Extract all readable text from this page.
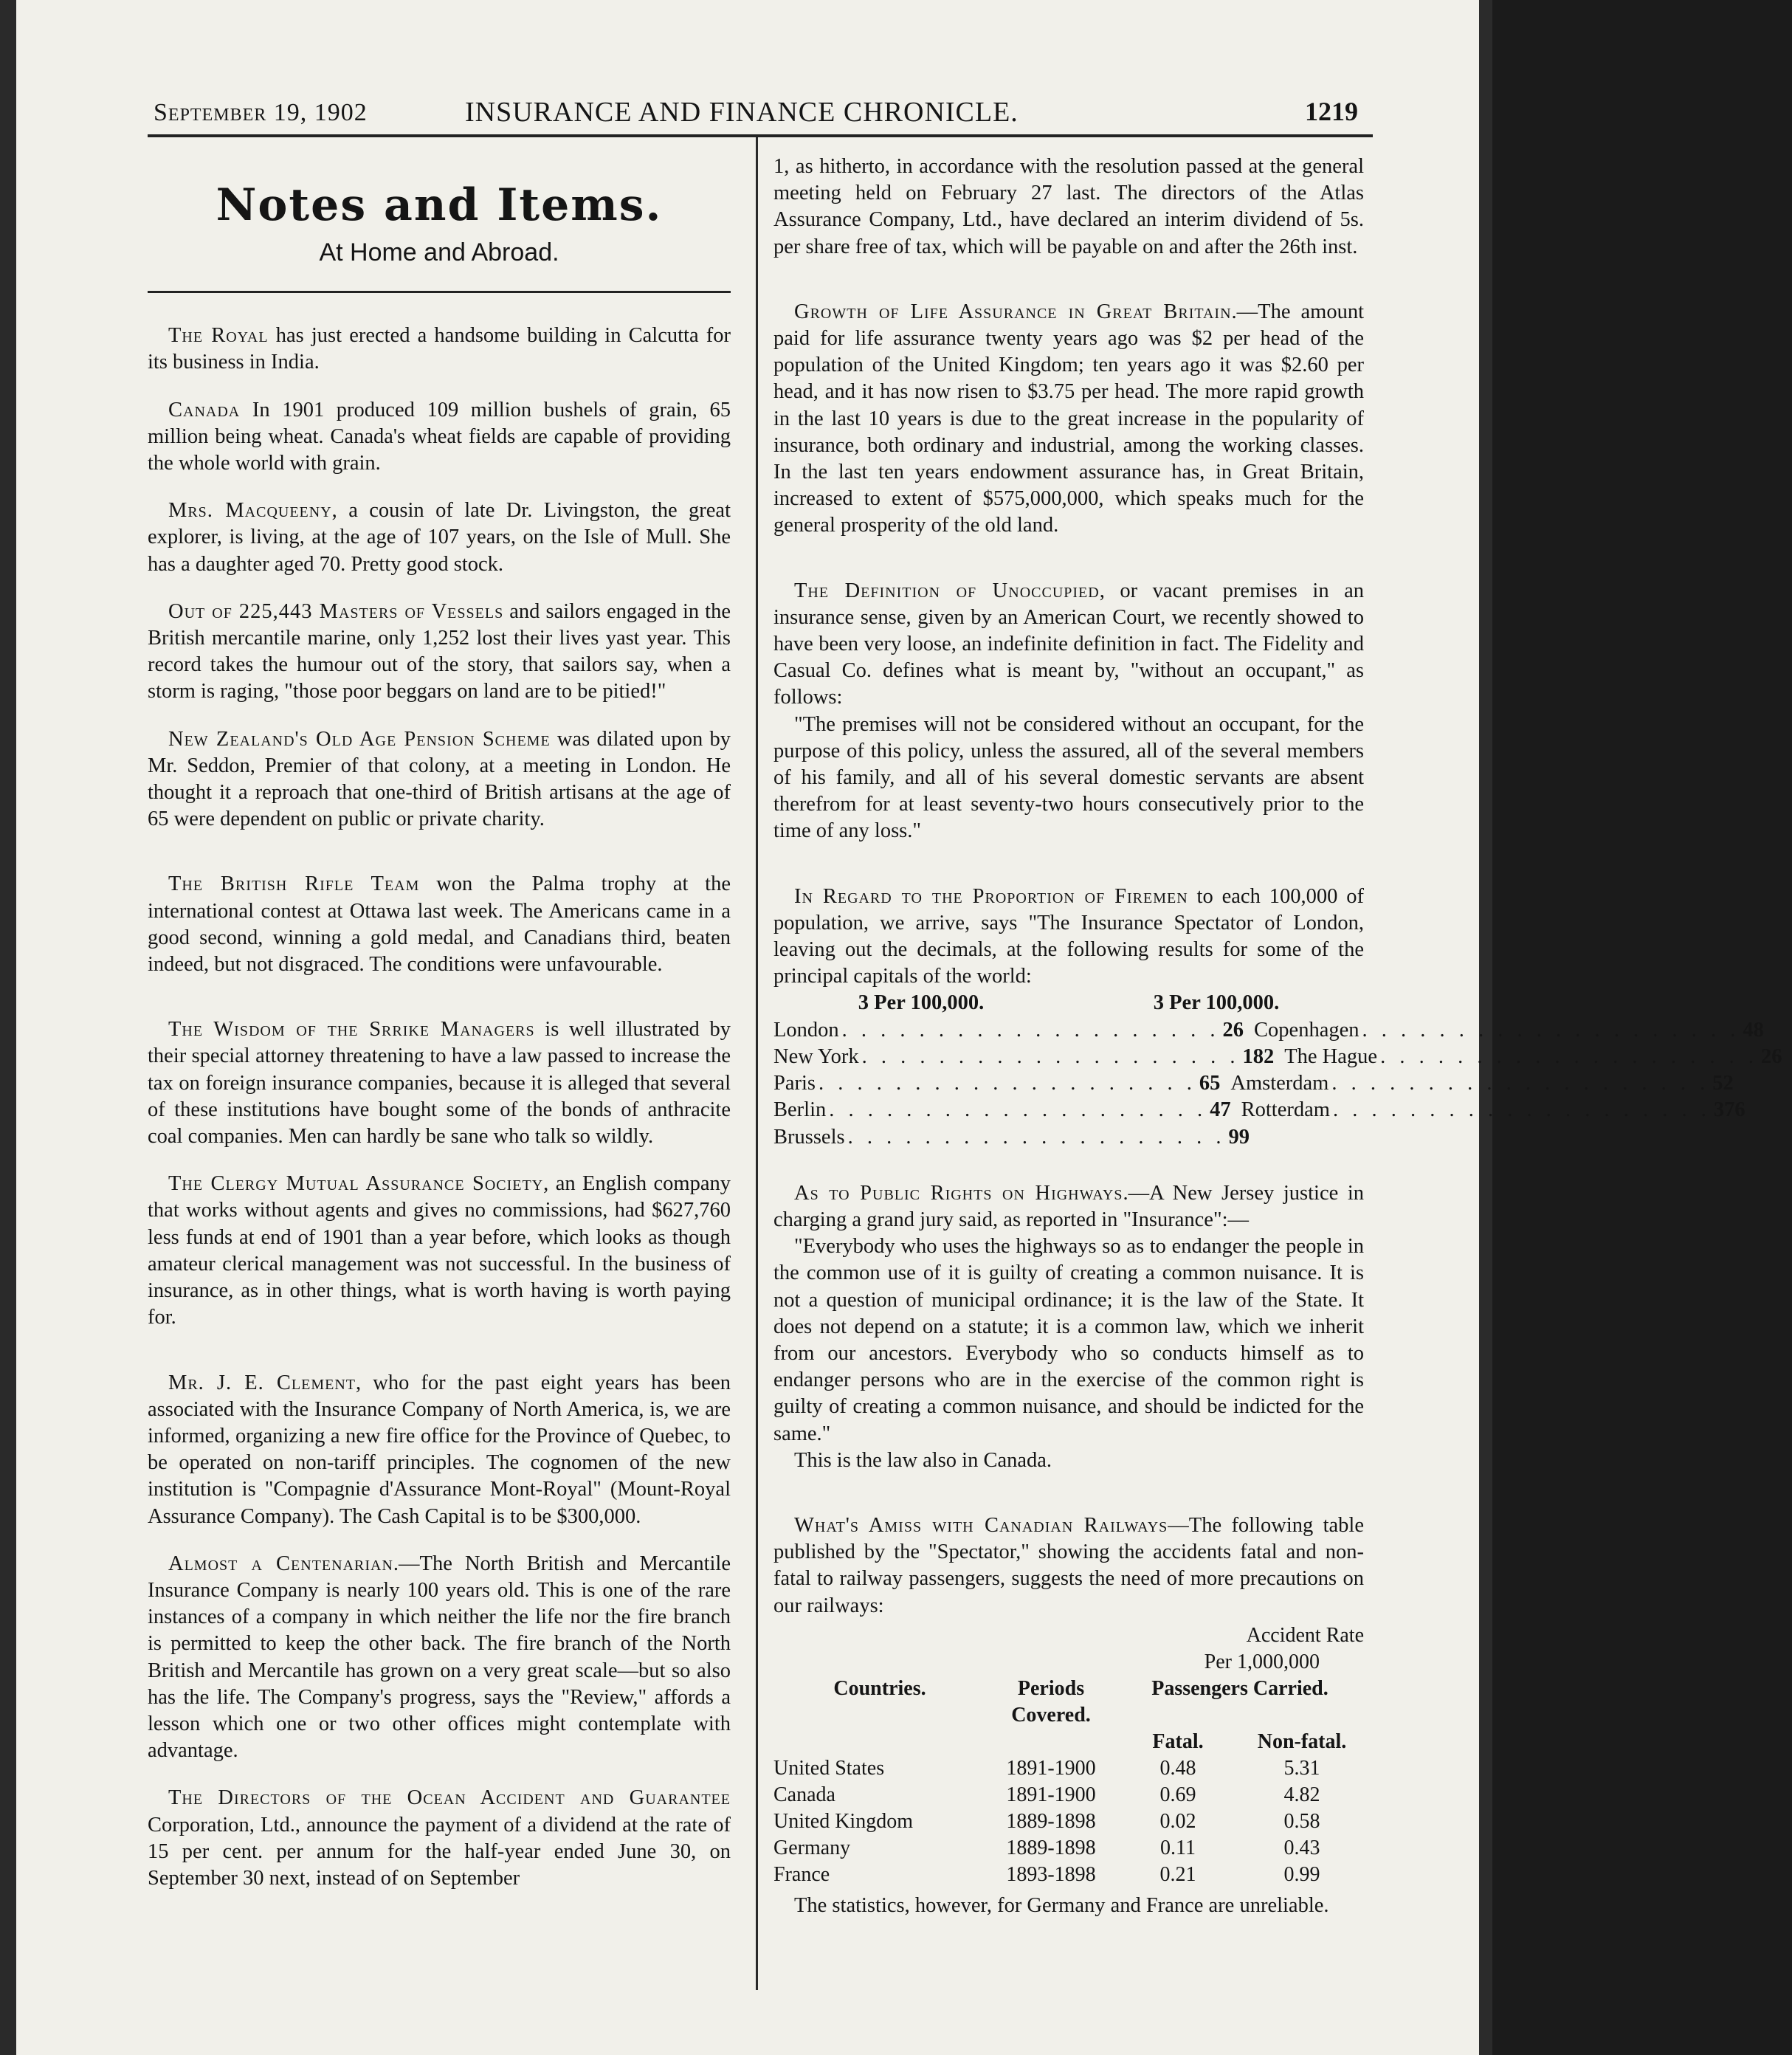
September 19, 1902	INSURANCE AND FINANCE CHRONICLE.	1219
Notes and Items.
At Home and Abroad.

The Royal has just erected a handsome building in Calcutta for its business in India.

Canada In 1901 produced 109 million bushels of grain, 65 million being wheat. Canada's wheat fields are capable of providing the whole world with grain.

Mrs. Macqueeny, a cousin of late Dr. Livingston, the great explorer, is living, at the age of 107 years, on the Isle of Mull. She has a daughter aged 70. Pretty good stock.

Out of 225,443 Masters of Vessels and sailors engaged in the British mercantile marine, only 1,252 lost their lives yast year. This record takes the humour out of the story, that sailors say, when a storm is raging, "those poor beggars on land are to be pitied!"

New Zealand's Old Age Pension Scheme was dilated upon by Mr. Seddon, Premier of that colony, at a meeting in London. He thought it a reproach that one-third of British artisans at the age of 65 were dependent on public or private charity.

The British Rifle Team won the Palma trophy at the international contest at Ottawa last week. The Americans came in a good second, winning a gold medal, and Canadians third, beaten indeed, but not disgraced. The conditions were unfavourable.

The Wisdom of the Srrike Managers is well illustrated by their special attorney threatening to have a law passed to increase the tax on foreign insurance companies, because it is alleged that several of these institutions have bought some of the bonds of anthracite coal companies. Men can hardly be sane who talk so wildly.

The Clergy Mutual Assurance Society, an English company that works without agents and gives no commissions, had $627,760 less funds at end of 1901 than a year before, which looks as though amateur clerical management was not successful. In the business of insurance, as in other things, what is worth having is worth paying for.

Mr. J. E. Clement, who for the past eight years has been associated with the Insurance Company of North America, is, we are informed, organizing a new fire office for the Province of Quebec, to be operated on non-tariff principles. The cognomen of the new institution is "Compagnie d'Assurance Mont-Royal" (Mount-Royal Assurance Company). The Cash Capital is to be $300,000.

Almost a Centenarian.—The North British and Mercantile Insurance Company is nearly 100 years old. This is one of the rare instances of a company in which neither the life nor the fire branch is permitted to keep the other back. The fire branch of the North British and Mercantile has grown on a very great scale—but so also has the life. The Company's progress, says the "Review," affords a lesson which one or two other offices might contemplate with advantage.

The Directors of the Ocean Accident and Guarantee Corporation, Ltd., announce the payment of a dividend at the rate of 15 per cent. per annum for the half-year ended June 30, on September 30 next, instead of on September

1, as hitherto, in accordance with the resolution passed at the general meeting held on February 27 last. The directors of the Atlas Assurance Company, Ltd., have declared an interim dividend of 5s. per share free of tax, which will be payable on and after the 26th inst.

Growth of Life Assurance in Great Britain.—The amount paid for life assurance twenty years ago was $2 per head of the population of the United Kingdom; ten years ago it was $2.60 per head, and it has now risen to $3.75 per head. The more rapid growth in the last 10 years is due to the great increase in the popularity of insurance, both ordinary and industrial, among the working classes. In the last ten years endowment assurance has, in Great Britain, increased to extent of $575,000,000, which speaks much for the general prosperity of the old land.

The Definition of Unoccupied, or vacant premises in an insurance sense, given by an American Court, we recently showed to have been very loose, an indefinite definition in fact. The Fidelity and Casual Co. defines what is meant by, "without an occupant," as follows:

"The premises will not be considered without an occupant, for the purpose of this policy, unless the assured, all of the several members of his family, and all of his several domestic servants are absent therefrom for at least seventy-two hours consecutively prior to the time of any loss."

In Regard to the Proportion of Firemen to each 100,000 of population, we arrive, says "The Insurance Spectator of London, leaving out the decimals, at the following results for some of the principal capitals of the world:

3 Per 100,000.	3 Per 100,000.
London . . . . . . . . . . . . . . . . . . . . 26 Copenhagen . . . . . . . . . . . . . . . . . . . . 48
New York . . . . . . . . . . . . . . . . . . . . 182 The Hague . . . . . . . . . . . . . . . . . . . . 26
Paris . . . . . . . . . . . . . . . . . . . . 65 Amsterdam . . . . . . . . . . . . . . . . . . . . 52
Berlin . . . . . . . . . . . . . . . . . . . . 47 Rotterdam . . . . . . . . . . . . . . . . . . . . 376
Brussels . . . . . . . . . . . . . . . . . . . . 99

As to Public Rights on Highways.—A New Jersey justice in charging a grand jury said, as reported in "Insurance":—

"Everybody who uses the highways so as to endanger the people in the common use of it is guilty of creating a common nuisance. It is not a question of municipal ordinance; it is the law of the State. It does not depend on a statute; it is a common law, which we inherit from our ancestors. Everybody who so conducts himself as to endanger persons who are in the exercise of the common right is guilty of creating a common nuisance, and should be indicted for the same."

This is the law also in Canada.

What's Amiss with Canadian Railways—The following table published by the "Spectator," showing the accidents fatal and non-fatal to railway passengers, suggests the need of more precautions on our railways:

		Accident Rate	
		Per 1,000,000	
Countries.	Periods	Passengers Carried.	
	Covered.		
		Fatal.	Non-fatal.
United States	1891-1900	0.48	5.31
Canada	1891-1900	0.69	4.82
United Kingdom	1889-1898	0.02	0.58
Germany	1889-1898	0.11	0.43
France	1893-1898	0.21	0.99

The statistics, however, for Germany and France are unreliable.
